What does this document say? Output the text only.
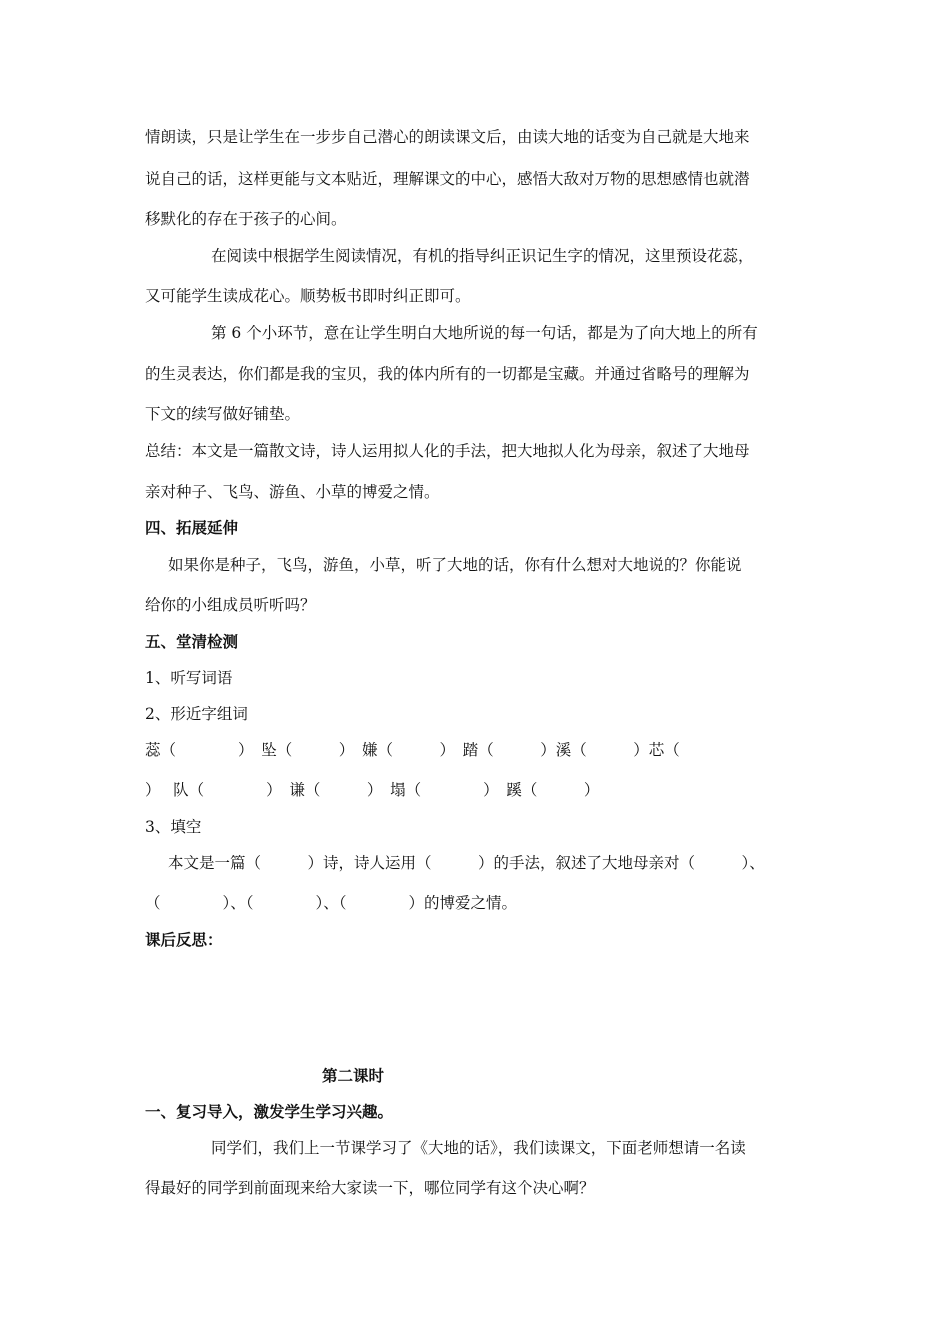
情朗读，只是让学生在一步步自己潜心的朗读课文后，由读大地的话变为自己就是大地来
说自己的话，这样更能与文本贴近，理解课文的中心，感悟大敌对万物的思想感情也就潜
移默化的存在于孩子的心间。
在阅读中根据学生阅读情况，有机的指导纠正识记生字的情况，这里预设花蕊，
又可能学生读成花心。顺势板书即时纠正即可。
第 6 个小环节，意在让学生明白大地所说的每一句话，都是为了向大地上的所有
的生灵表达，你们都是我的宝贝，我的体内所有的一切都是宝藏。并通过省略号的理解为
下文的续写做好铺垫。
总结：本文是一篇散文诗，诗人运用拟人化的手法，把大地拟人化为母亲，叙述了大地母
亲对种子、飞鸟、游鱼、小草的博爱之情。
四、拓展延伸
如果你是种子，飞鸟，游鱼，小草，听了大地的话，你有什么想对大地说的？你能说
给你的小组成员听听吗？
五、堂清检测
1、听写词语
2、形近字组词
蕊（　　　　）　坠（　　　）　嫌（　　　）　踏（　　　）溪（　　　）芯（
）　 队（　　　　）　谦（　　　）　塌（　　　　）　蹊（　　　）
3、填空
本文是一篇（　　　）诗，诗人运用（　　　）的手法，叙述了大地母亲对（　　　）、
（　　　　）、（　　　　）、（　　　　）的博爱之情。
课后反思：
第二课时
一、复习导入，激发学生学习兴趣。
同学们，我们上一节课学习了《大地的话》，我们读课文，下面老师想请一名读
得最好的同学到前面现来给大家读一下，哪位同学有这个决心啊？
